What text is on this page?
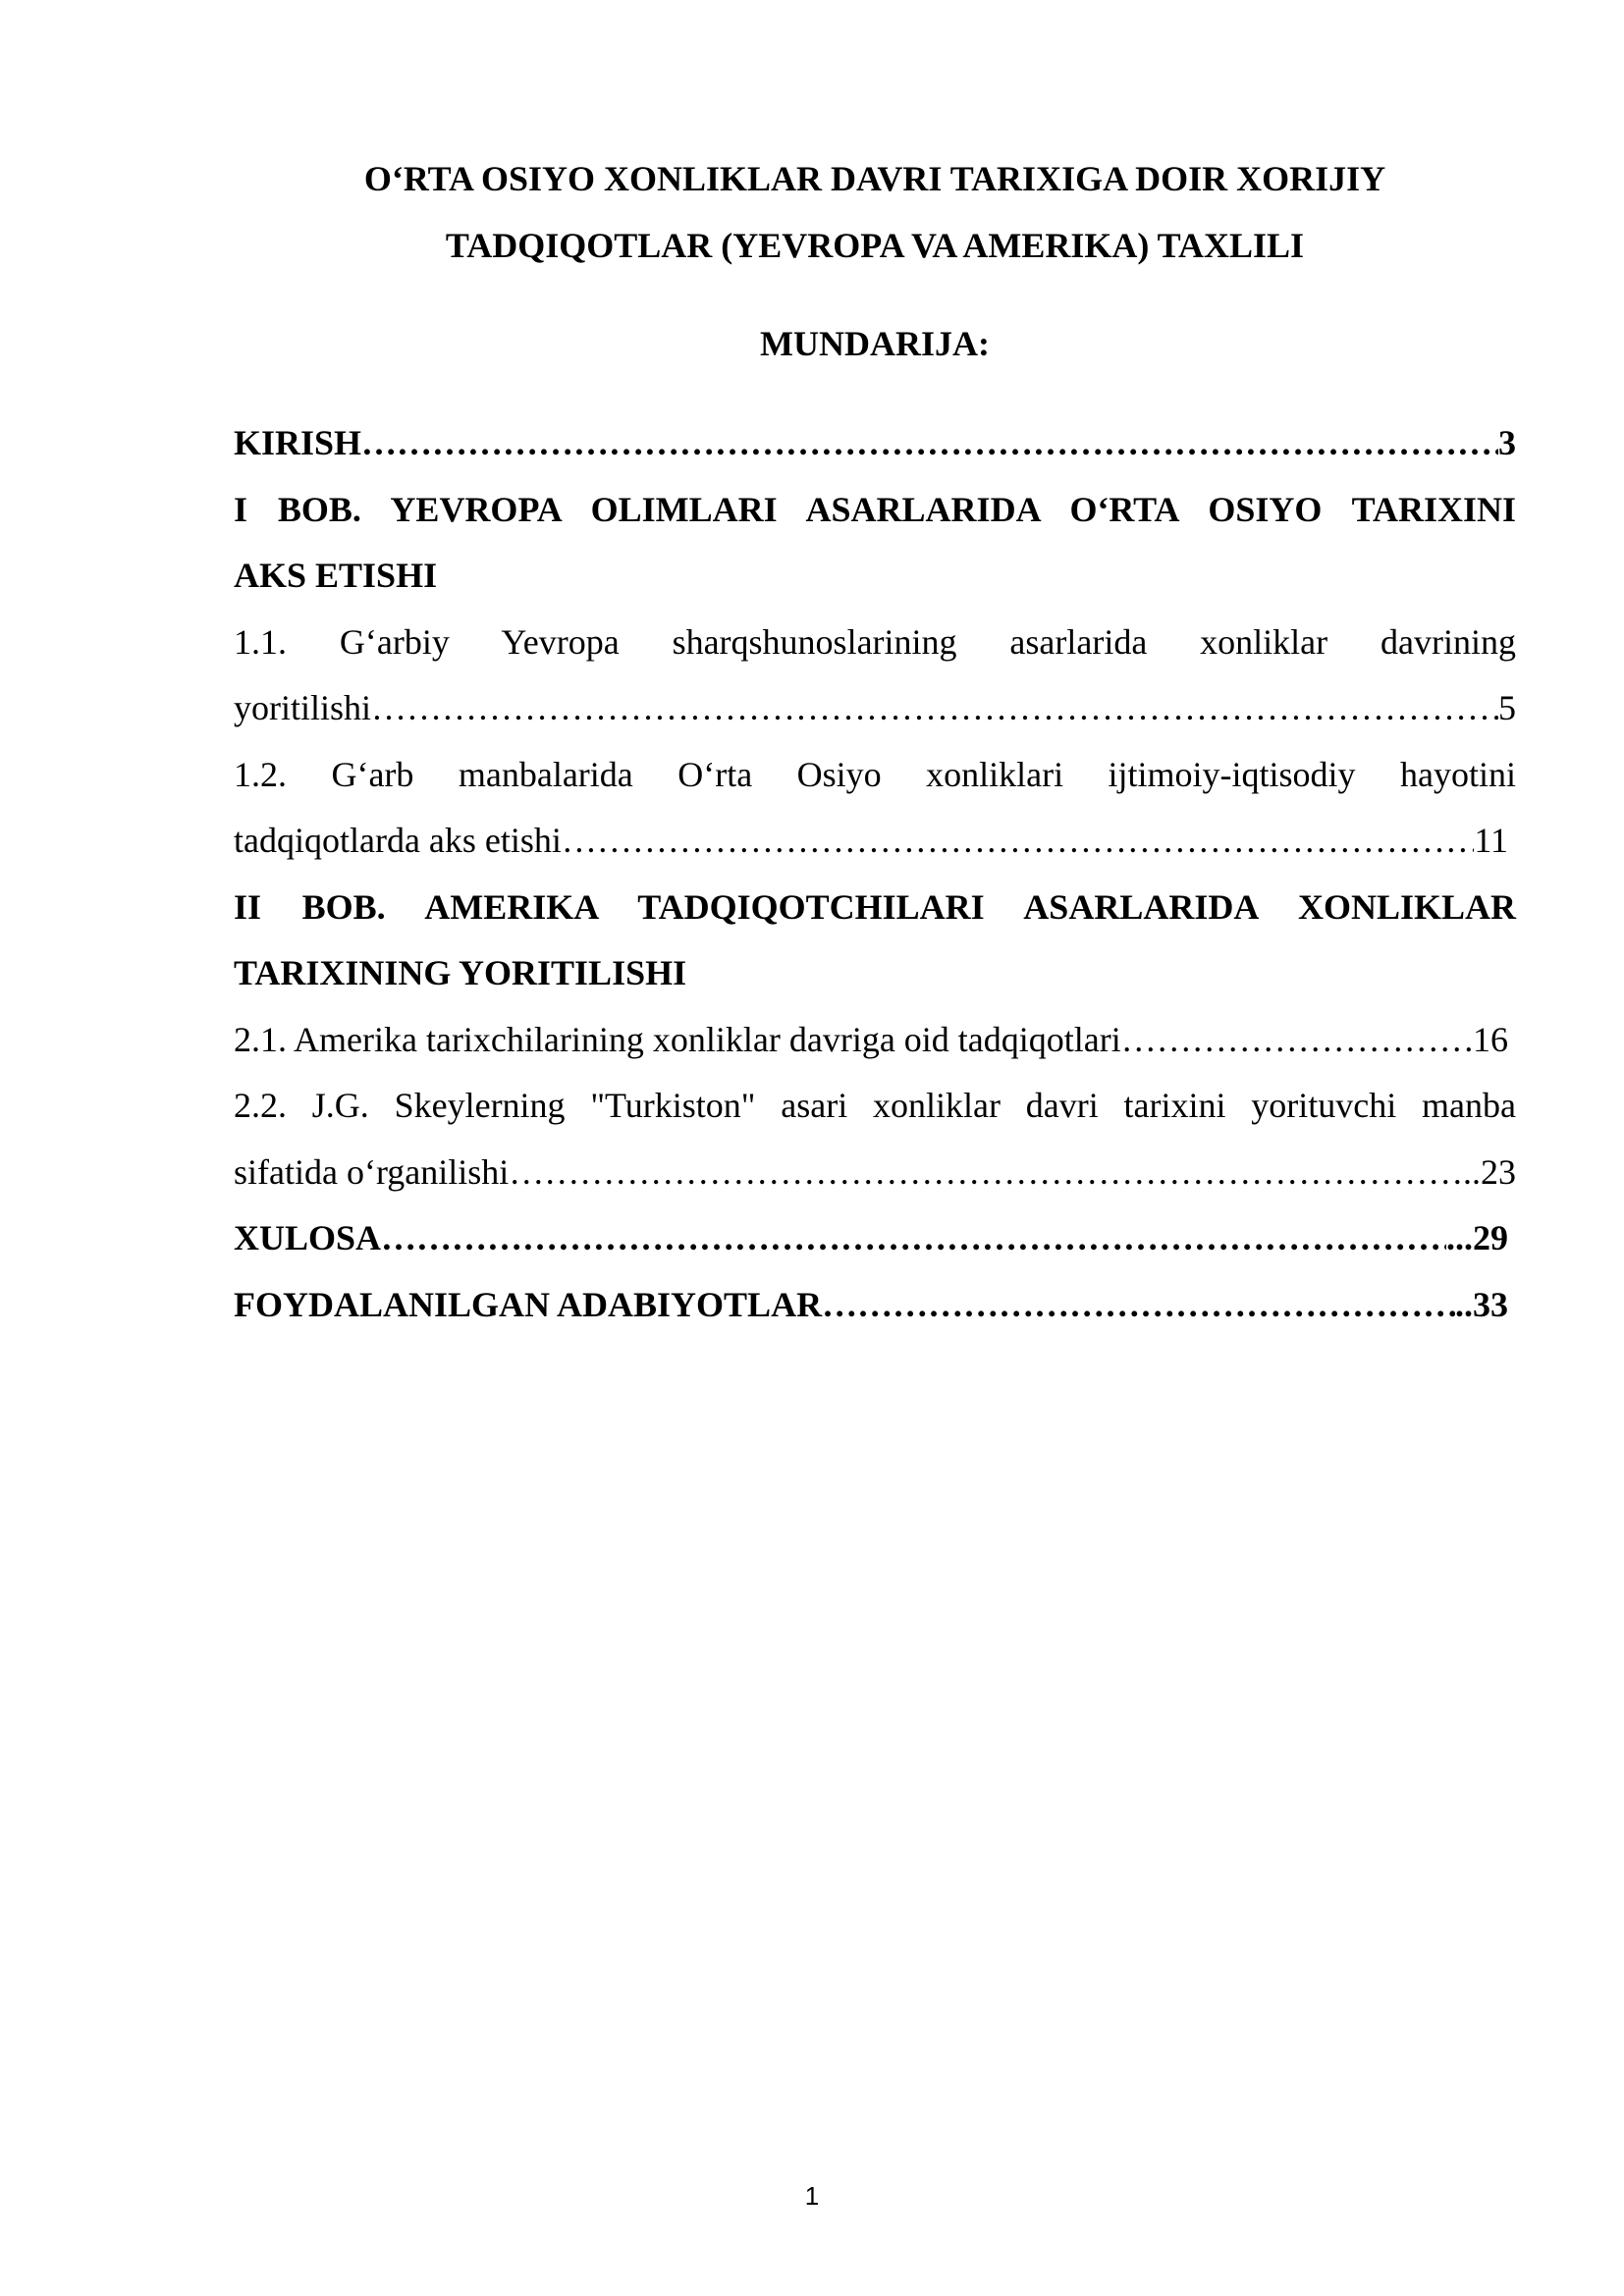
O‘RTA OSIYO XONLIKLAR DAVRI TARIXIGA DOIR XORIJIY
TADQIQOTLAR (YEVROPA VA AMERIKA) TAXLILI
MUNDARIJA:
KIRISH …………………………………………………………………………………………………………………………………………………………………………………………………………	3
I BOB. YEVROPA OLIMLARI ASARLARIDA O‘RTA OSIYO TARIXINI
AKS ETISHI
1.1. G‘arbiy Yevropa sharqshunoslarining asarlarida xonliklar davrining
yoritilishi …………………………………………………………………………………………………………………………………………………………………………………………………………	5
1.2. G‘arb manbalarida O‘rta Osiyo xonliklari ijtimoiy-iqtisodiy hayotini
tadqiqotlarda aks etishi …………………………………………………………………………………………………………………………………………………………………………………………………………	11
II BOB. AMERIKA TADQIQOTCHILARI ASARLARIDA XONLIKLAR
TARIXINING YORITILISHI
2.1. Amerika tarixchilarining xonliklar davriga oid tadqiqotlari …………………………………………………………………………………………………………………………………………………………………………………………………………	16
2.2. J.G. Skeylerning "Turkiston" asari xonliklar davri tarixini yorituvchi manba
sifatida o‘rganilishi …………………………………………………………………………………………………………………………………………………………………………………………………………	..23
XULOSA …………………………………………………………………………………………………………………………………………………………………………………………………………	...29
FOYDALANILGAN ADABIYOTLAR …………………………………………………………………………………………………………………………………………………………………………………………………………	..33
1
